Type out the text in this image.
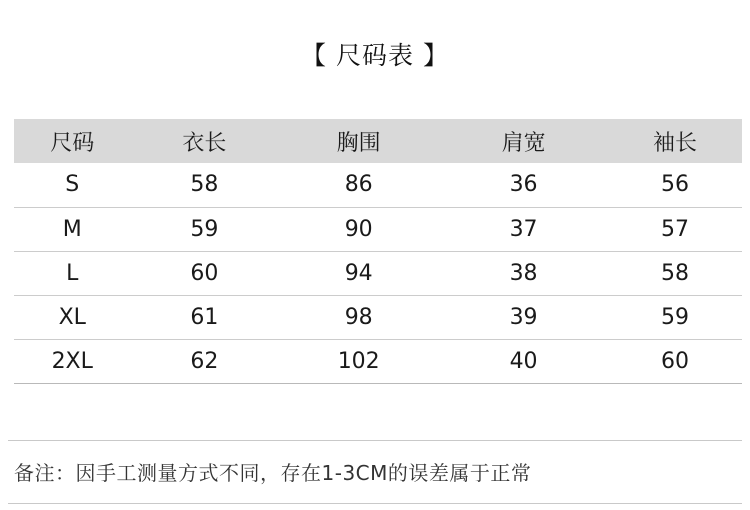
【 尺码表 】
尺码	衣长	胸围	肩宽	袖长
S	58	86	36	56
M	59	90	37	57
L	60	94	38	58
XL	61	98	39	59
2XL	62	102	40	60
备注：因手工测量方式不同，存在1-3CM的误差属于正常
